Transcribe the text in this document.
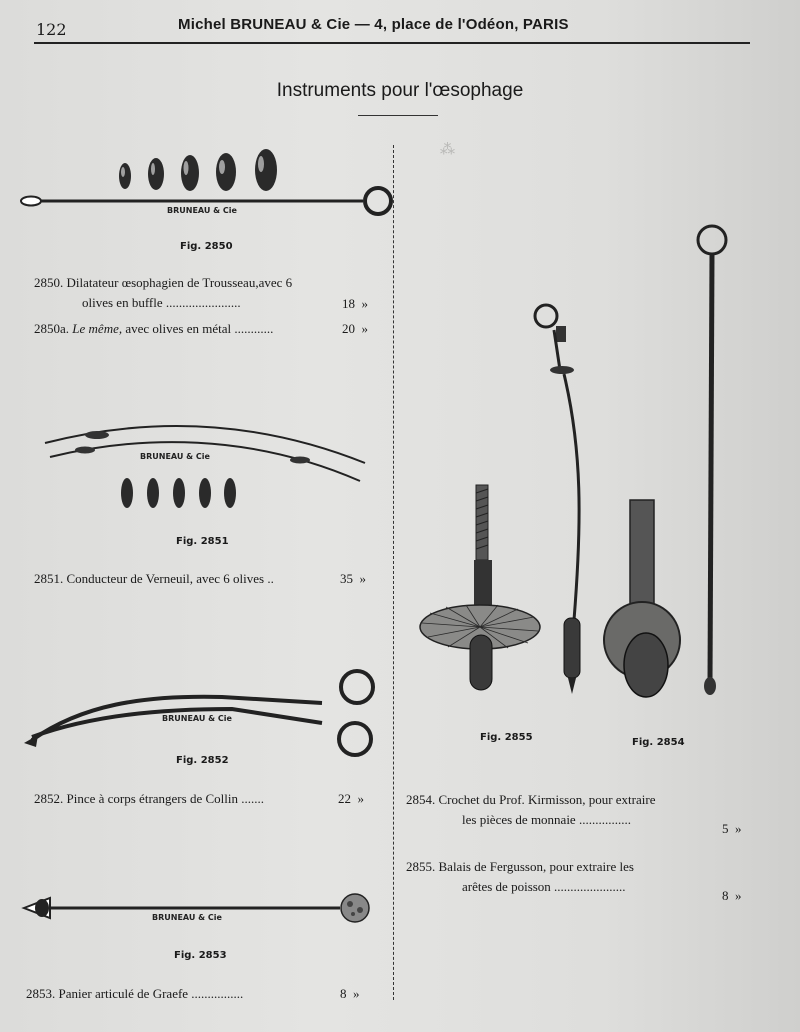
⁂
122	Michel BRUNEAU & Cie — 4, place de l'Odéon, PARIS
Instruments pour l'œsophage
BRUNEAU & Cie
Fig. 2850
2850. Dilatateur œsophagien de Trousseau,avec 6
olives en buffle .......................	18 »
2850a. Le même, avec olives en métal ............	20 »
BRUNEAU & Cie
Fig. 2851
2851. Conducteur de Verneuil, avec 6 olives ..	35 »
BRUNEAU & Cie
Fig. 2852
2852. Pince à corps étrangers de Collin .......	22 »
BRUNEAU & Cie
Fig. 2853
2853. Panier articulé de Graefe ................	8 »
Fig. 2855	Fig. 2854
2854. Crochet du Prof. Kirmisson, pour extraire
les pièces de monnaie ................
5 »
2855. Balais de Fergusson, pour extraire les
arêtes de poisson ......................
8 »
